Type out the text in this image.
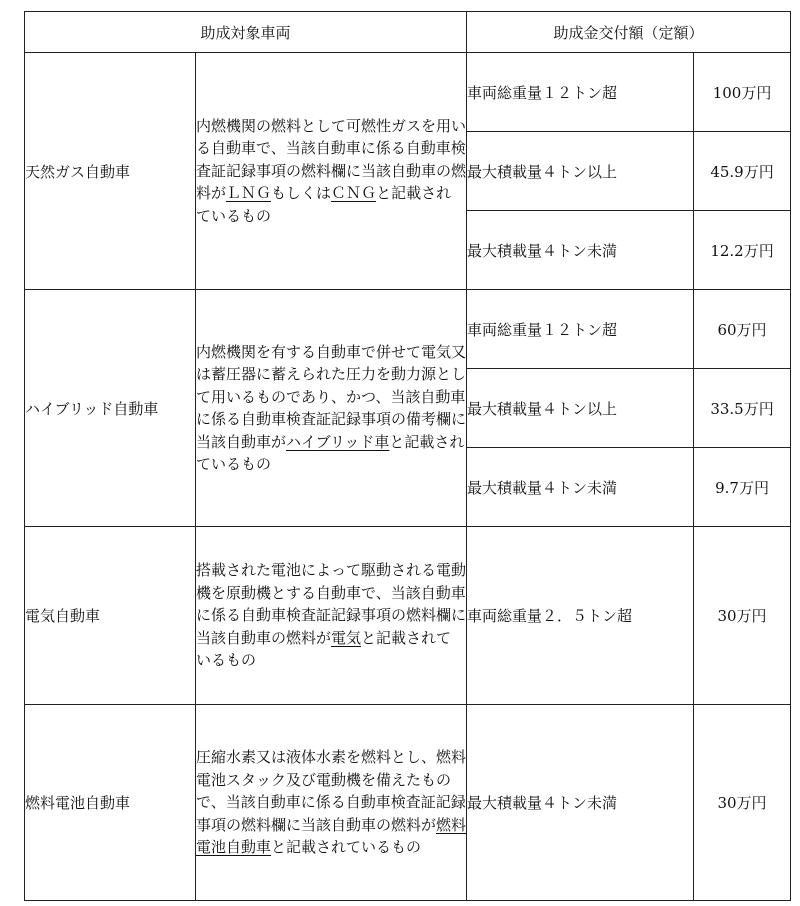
助成対象車両		助成金交付額（定額）	
天然ガス自動車	内燃機関の燃料として可燃性ガスを用いる自動車で、当該自動車に係る自動車検査証記録事項の燃料欄に当該自動車の燃料がＬＮＧもしくはＣＮＧと記載されているもの	車両総重量１２トン超	100万円
		最大積載量４トン以上	45.9万円
		最大積載量４トン未満	12.2万円
ハイブリッド自動車	内燃機関を有する自動車で併せて電気又は蓄圧器に蓄えられた圧力を動力源として用いるものであり、かつ、当該自動車に係る自動車検査証記録事項の備考欄に当該自動車がハイブリッド車と記載されているもの	車両総重量１２トン超	60万円
		最大積載量４トン以上	33.5万円
		最大積載量４トン未満	9.7万円
電気自動車	搭載された電池によって駆動される電動機を原動機とする自動車で、当該自動車に係る自動車検査証記録事項の燃料欄に当該自動車の燃料が電気と記載されているもの	車両総重量２．５トン超	30万円
燃料電池自動車	圧縮水素又は液体水素を燃料とし、燃料電池スタック及び電動機を備えたもので、当該自動車に係る自動車検査証記録事項の燃料欄に当該自動車の燃料が燃料電池自動車と記載されているもの	最大積載量４トン未満	30万円
